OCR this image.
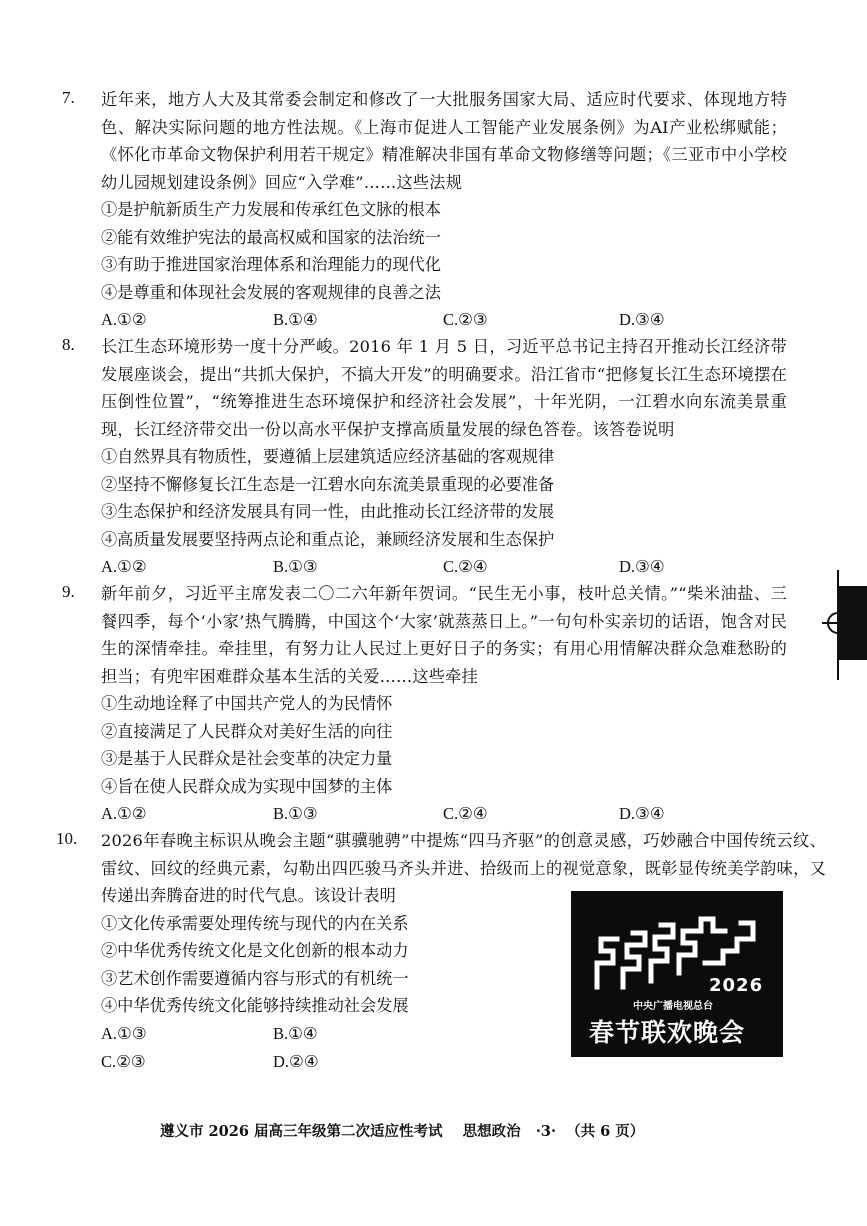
7. 近年来，地方人大及其常委会制定和修改了一大批服务国家大局、适应时代要求、体现地方特色、解决实际问题的地方性法规。《上海市促进人工智能产业发展条例》为AI产业松绑赋能；《怀化市革命文物保护利用若干规定》精准解决非国有革命文物修缮等问题；《三亚市中小学校幼儿园规划建设条例》回应“入学难”……这些法规
①是护航新质生产力发展和传承红色文脉的根本
②能有效维护宪法的最高权威和国家的法治统一
③有助于推进国家治理体系和治理能力的现代化
④是尊重和体现社会发展的客观规律的良善之法
A.①②	B.①④	C.②③	D.③④
8. 长江生态环境形势一度十分严峻。2016 年 1 月 5 日，习近平总书记主持召开推动长江经济带发展座谈会，提出“共抓大保护，不搞大开发”的明确要求。沿江省市“把修复长江生态环境摆在压倒性位置”，“统筹推进生态环境保护和经济社会发展”，十年光阴，一江碧水向东流美景重现，长江经济带交出一份以高水平保护支撑高质量发展的绿色答卷。该答卷说明
①自然界具有物质性，要遵循上层建筑适应经济基础的客观规律
②坚持不懈修复长江生态是一江碧水向东流美景重现的必要准备
③生态保护和经济发展具有同一性，由此推动长江经济带的发展
④高质量发展要坚持两点论和重点论，兼顾经济发展和生态保护
A.①②	B.①③	C.②④	D.③④
9. 新年前夕，习近平主席发表二〇二六年新年贺词。“民生无小事，枝叶总关情。”“柴米油盐、三餐四季，每个‘小家’热气腾腾，中国这个‘大家’就蒸蒸日上。”一句句朴实亲切的话语，饱含对民生的深情牵挂。牵挂里，有努力让人民过上更好日子的务实；有用心用情解决群众急难愁盼的担当；有兜牢困难群众基本生活的关爱……这些牵挂
①生动地诠释了中国共产党人的为民情怀
②直接满足了人民群众对美好生活的向往
③是基于人民群众是社会变革的决定力量
④旨在使人民群众成为实现中国梦的主体
A.①②	B.①③	C.②④	D.③④
10. 2026年春晚主标识从晚会主题“骐骥驰骋”中提炼“四马齐驱”的创意灵感，巧妙融合中国传统云纹、雷纹、回纹的经典元素，勾勒出四匹骏马齐头并进、拾级而上的视觉意象，既彰显传统美学韵味，又传递出奔腾奋进的时代气息。该设计表明
①文化传承需要处理传统与现代的内在关系
②中华优秀传统文化是文化创新的根本动力
③艺术创作需要遵循内容与形式的有机统一
④中华优秀传统文化能够持续推动社会发展
A.①③	B.①④
C.②③	D.②④
2026
中央广播电视总台
春节联欢晚会
遵义市 2026 届高三年级第二次适应性考试 思想政治 ·3· （共 6 页）
